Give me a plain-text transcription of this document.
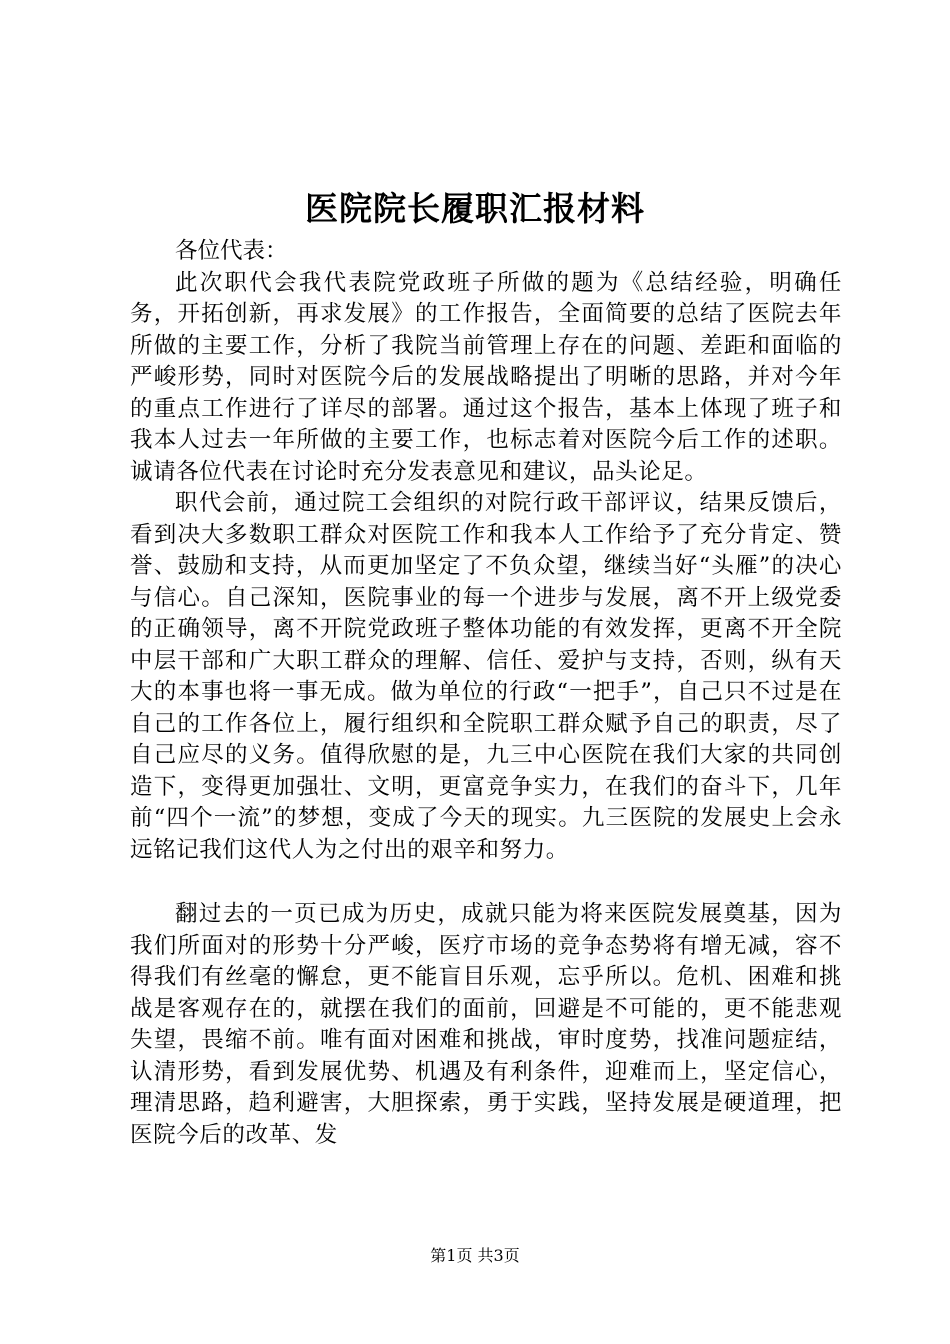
医院院长履职汇报材料

各位代表：

此次职代会我代表院党政班子所做的题为《总结经验，明确任务，开拓创新，再求发展》的工作报告，全面简要的总结了医院去年所做的主要工作，分析了我院当前管理上存在的问题、差距和面临的严峻形势，同时对医院今后的发展战略提出了明晰的思路，并对今年的重点工作进行了详尽的部署。通过这个报告，基本上体现了班子和我本人过去一年所做的主要工作，也标志着对医院今后工作的述职。诚请各位代表在讨论时充分发表意见和建议，品头论足。

职代会前，通过院工会组织的对院行政干部评议，结果反馈后，看到决大多数职工群众对医院工作和我本人工作给予了充分肯定、赞誉、鼓励和支持，从而更加坚定了不负众望，继续当好“头雁”的决心与信心。自己深知，医院事业的每一个进步与发展，离不开上级党委的正确领导，离不开院党政班子整体功能的有效发挥，更离不开全院中层干部和广大职工群众的理解、信任、爱护与支持，否则，纵有天大的本事也将一事无成。做为单位的行政“一把手”，自己只不过是在自己的工作各位上，履行组织和全院职工群众赋予自己的职责，尽了自己应尽的义务。值得欣慰的是，九三中心医院在我们大家的共同创造下，变得更加强壮、文明，更富竞争实力，在我们的奋斗下，几年前“四个一流”的梦想，变成了今天的现实。九三医院的发展史上会永远铭记我们这代人为之付出的艰辛和努力。

翻过去的一页已成为历史，成就只能为将来医院发展奠基，因为我们所面对的形势十分严峻，医疗市场的竞争态势将有增无减，容不得我们有丝毫的懈怠，更不能盲目乐观，忘乎所以。危机、困难和挑战是客观存在的，就摆在我们的面前，回避是不可能的，更不能悲观失望，畏缩不前。唯有面对困难和挑战，审时度势，找准问题症结，认清形势，看到发展优势、机遇及有利条件，迎难而上，坚定信心，理清思路，趋利避害，大胆探索，勇于实践，坚持发展是硬道理，把医院今后的改革、发

第1页 共3页
